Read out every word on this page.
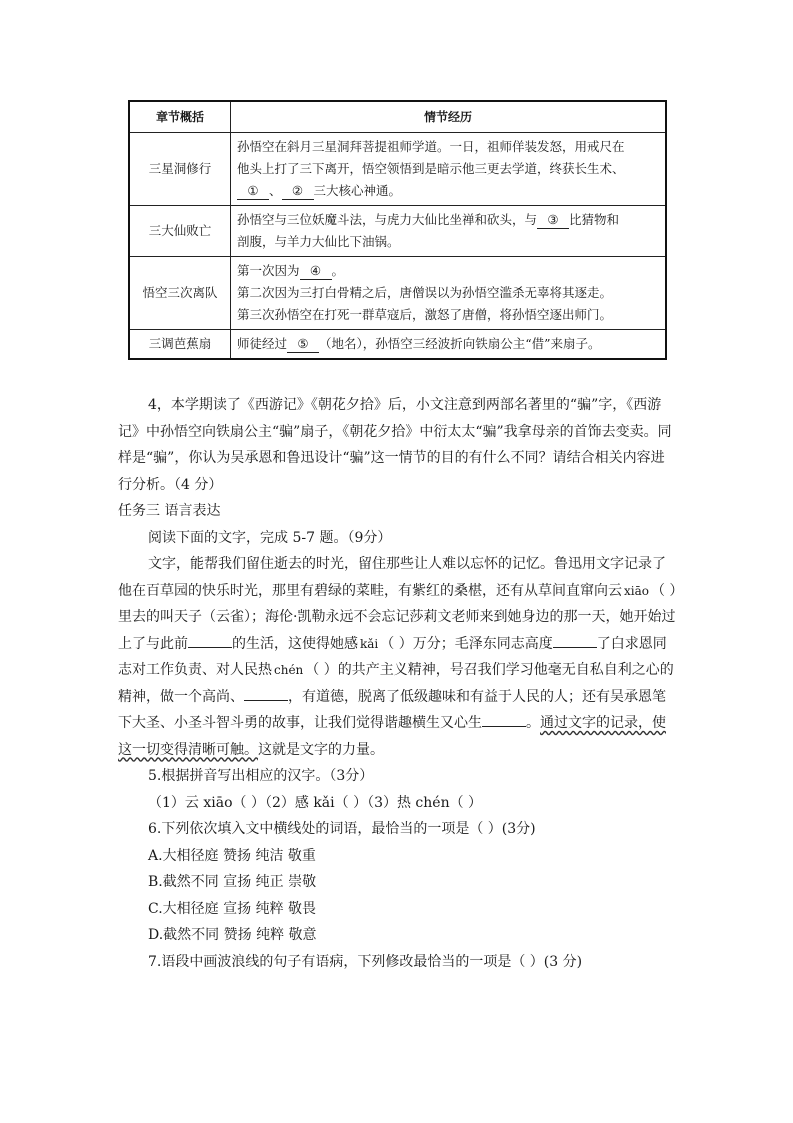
章节概括	情节经历
三星洞修行	孙悟空在斜月三星洞拜菩提祖师学道。一日，祖师佯装发怒，用戒尺在
他头上打了三下离开，悟空领悟到是暗示他三更去学道，终获长生术、
① 、 ② 三大核心神通。

三大仙败亡	孙悟空与三位妖魔斗法，与虎力大仙比坐禅和砍头，与 ③ 比猜物和
剖腹，与羊力大仙比下油锅。

悟空三次离队	第一次因为 ④ 。
第二次因为三打白骨精之后，唐僧误以为孙悟空滥杀无辜将其逐走。
第三次孙悟空在打死一群草寇后，激怒了唐僧，将孙悟空逐出师门。

三调芭蕉扇	师徒经过 ⑤ （地名），孙悟空三经波折向铁扇公主“借”来扇子。

4，本学期读了《西游记》《朝花夕拾》后，小文注意到两部名著里的“骗”字，《西游记》中孙悟空向铁扇公主“骗”扇子，《朝花夕拾》中衍太太“骗”我拿母亲的首饰去变卖。同样是“骗”，你认为吴承恩和鲁迅设计“骗”这一情节的目的有什么不同？请结合相关内容进行分析。（4 分）

任务三 语言表达

阅读下面的文字，完成 5-7 题。（9分）

文字，能帮我们留住逝去的时光，留住那些让人难以忘怀的记忆。鲁迅用文字记录了他在百草园的快乐时光，那里有碧绿的菜畦，有紫红的桑椹，还有从草间直窜向云 xiāo （ ）里去的叫天子（云雀）；海伦·凯勒永远不会忘记莎莉文老师来到她身边的那一天，她开始过上了与此前	的生活，这使得她感 kǎi （ ）万分；毛泽东同志高度	了白求恩同志对工作负责、对人民热 chén （ ）的共产主义精神，号召我们学习他毫无自私自利之心的精神，做一个高尚、	，有道德，脱离了低级趣味和有益于人民的人；还有吴承恩笔下大圣、小圣斗智斗勇的故事，让我们觉得谐趣横生又心生	。通过文字的记录，使这一切变得清晰可触。这就是文字的力量。

5.根据拼音写出相应的汉字。（3分）

（1）云 xiāo（ ）（2）感 kǎi（ ）（3）热 chén（ ）

6.下列依次填入文中横线处的词语，最恰当的一项是（ ）(3分)

A.大相径庭 赞扬 纯洁 敬重

B.截然不同 宣扬 纯正 崇敬

C.大相径庭 宣扬 纯粹 敬畏

D.截然不同 赞扬 纯粹 敬意

7.语段中画波浪线的句子有语病，下列修改最恰当的一项是（ ）(3 分)
